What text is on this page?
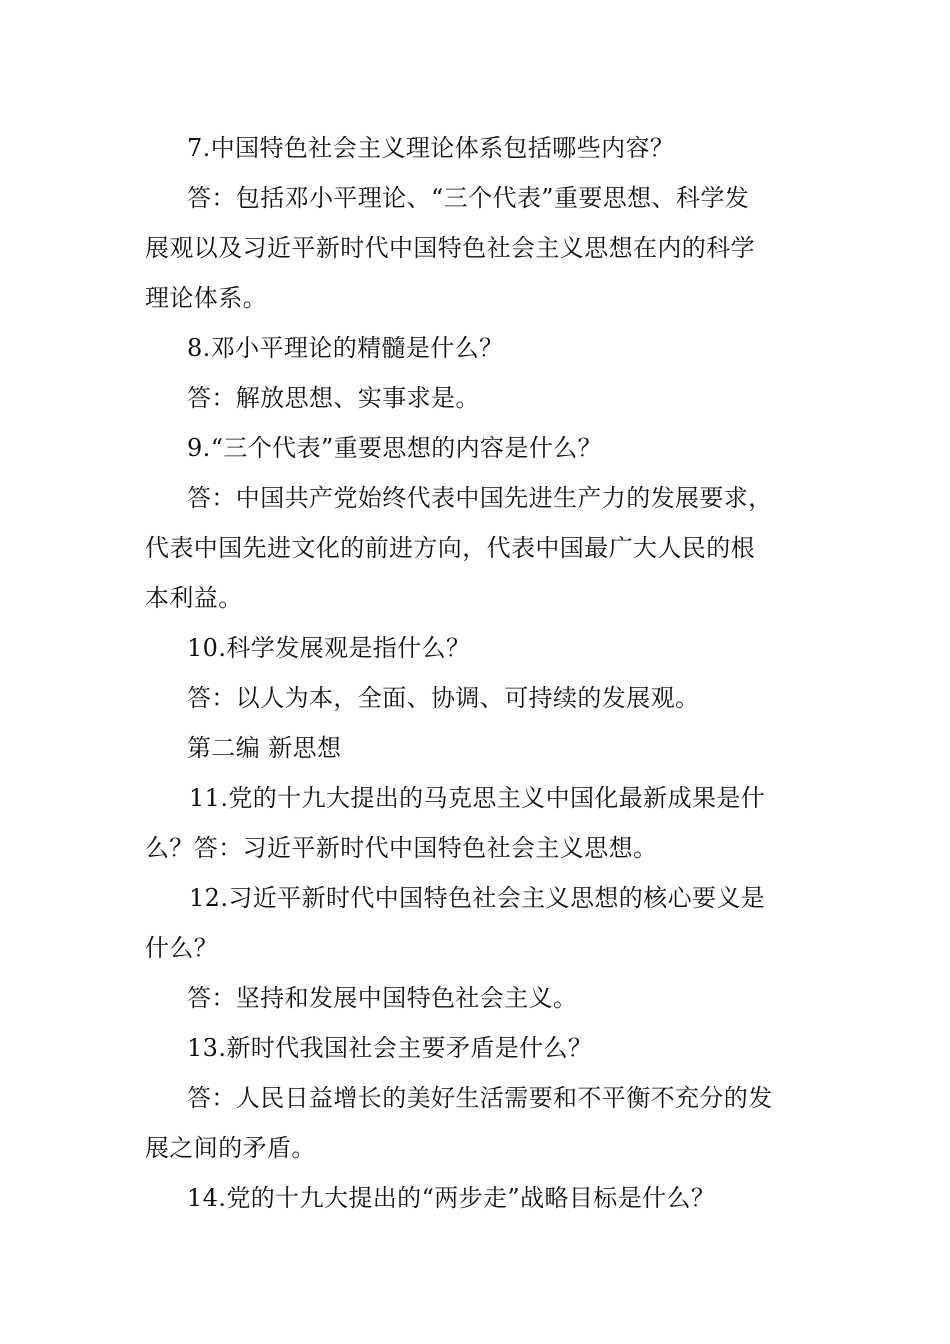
7.中国特色社会主义理论体系包括哪些内容？
答：包括邓小平理论、“三个代表”重要思想、科学发
展观以及习近平新时代中国特色社会主义思想在内的科学
理论体系。
8.邓小平理论的精髓是什么？
答：解放思想、实事求是。
9.“三个代表”重要思想的内容是什么？
答：中国共产党始终代表中国先进生产力的发展要求，
代表中国先进文化的前进方向，代表中国最广大人民的根
本利益。
10.科学发展观是指什么？
答：以人为本，全面、协调、可持续的发展观。
第二编 新思想
11.党的十九大提出的马克思主义中国化最新成果是什
么？答：习近平新时代中国特色社会主义思想。
12.习近平新时代中国特色社会主义思想的核心要义是
什么？
答：坚持和发展中国特色社会主义。
13.新时代我国社会主要矛盾是什么？
答：人民日益增长的美好生活需要和不平衡不充分的发
展之间的矛盾。
14.党的十九大提出的“两步走”战略目标是什么？
